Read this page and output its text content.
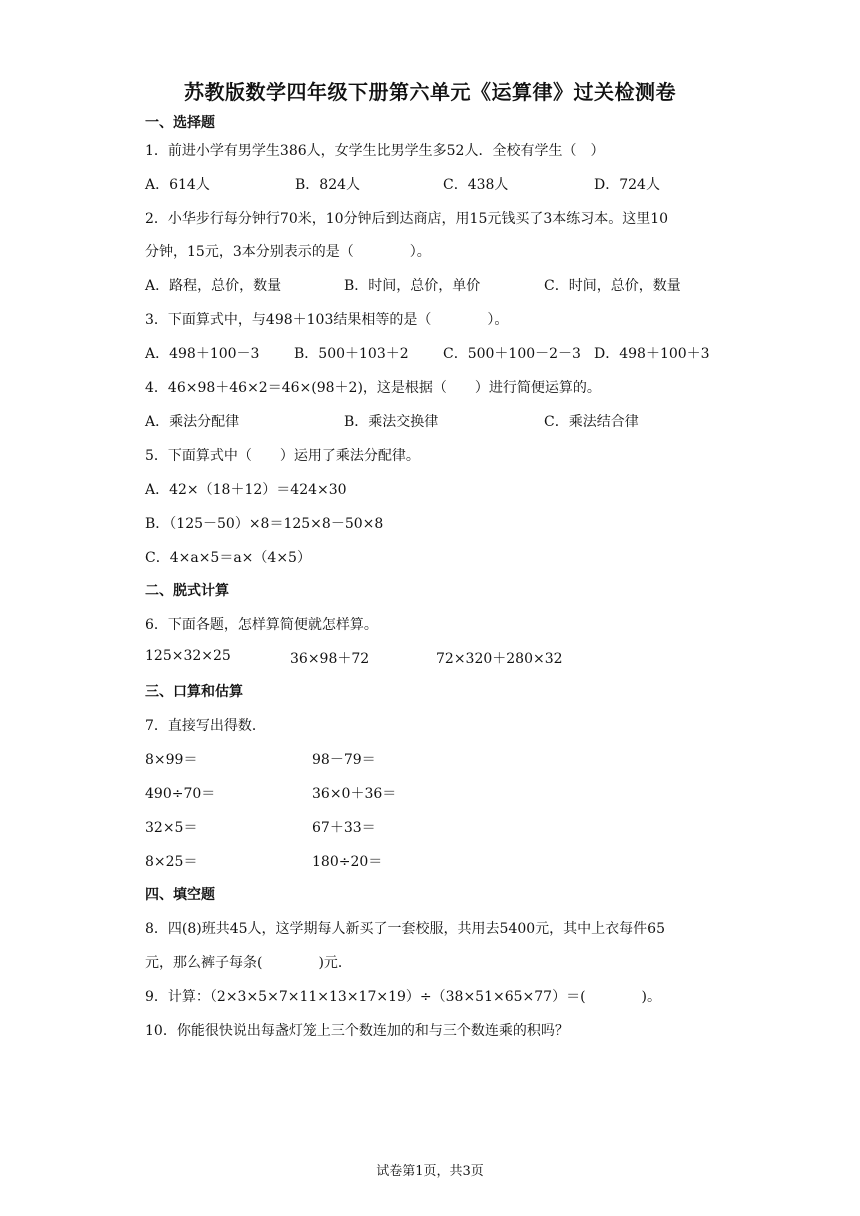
苏教版数学四年级下册第六单元《运算律》过关检测卷
一、选择题
1．前进小学有男学生386人，女学生比男学生多52人．全校有学生（　）
A．614人	B．824人	C．438人	D．724人
2．小华步行每分钟行70米，10分钟后到达商店，用15元钱买了3本练习本。这里10
分钟，15元，3本分别表示的是（　　　　）。
A．路程，总价，数量	B．时间，总价，单价	C．时间，总价，数量
3．下面算式中，与498＋103结果相等的是（　　　　）。
A．498＋100－3 B．500＋103＋2 C．500＋100－2－3 D．498＋100＋3
4．46×98＋46×2＝46×(98＋2)，这是根据（　　）进行简便运算的。
A．乘法分配律	B．乘法交换律	C．乘法结合律
5．下面算式中（　　）运用了乘法分配律。
A．42×（18＋12）＝424×30
B．（125－50）×8＝125×8－50×8
C．4×a×5＝a×（4×5）
二、脱式计算
6．下面各题，怎样算简便就怎样算。
125×32×25	36×98＋72	72×320＋280×32
三、口算和估算
7．直接写出得数．
8×99＝	98－79＝
490÷70＝	36×0＋36＝
32×5＝	67＋33＝
8×25＝	180÷20＝
四、填空题
8．四(8)班共45人，这学期每人新买了一套校服，共用去5400元，其中上衣每件65
元，那么裤子每条(　　　　)元．
9．计算：（2×3×5×7×11×13×17×19）÷（38×51×65×77）＝(　　　　)。
10．你能很快说出每盏灯笼上三个数连加的和与三个数连乘的积吗？
试卷第1页，共3页
